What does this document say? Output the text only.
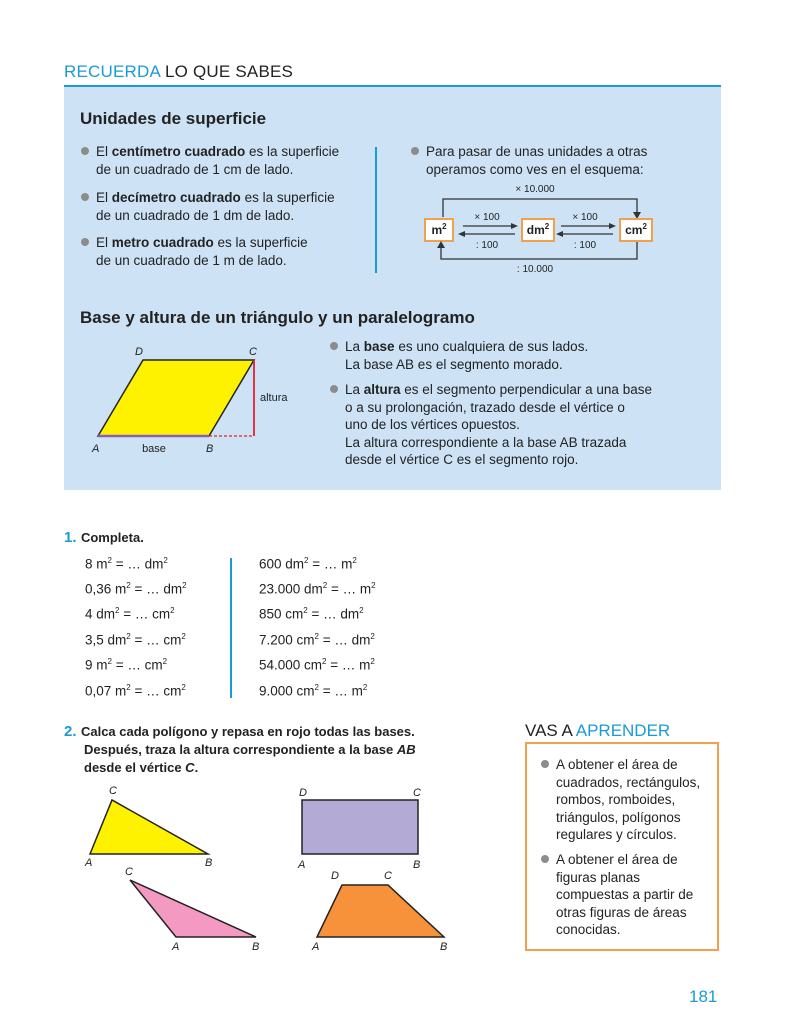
RECUERDA LO QUE SABES
Unidades de superficie
El centímetro cuadrado es la superficie
de un cuadrado de 1 cm de lado.
El decímetro cuadrado es la superficie
de un cuadrado de 1 dm de lado.
El metro cuadrado es la superficie
de un cuadrado de 1 m de lado.
Para pasar de unas unidades a otras
operamos como ves en el esquema:
× 10.000
$m^2$	$dm^2$	$cm^2$
× 100
: 100
× 100
: 100
: 10.000
Base y altura de un triángulo y un paralelogramo
D	C
A	B
base
altura
La base es uno cualquiera de sus lados.
La base AB es el segmento morado.
La altura es el segmento perpendicular a una base
o a su prolongación, trazado desde el vértice o
uno de los vértices opuestos.
La altura correspondiente a la base AB trazada
desde el vértice C es el segmento rojo.
1. Completa.
8 $m^2$ = … $dm^2$
0,36 $m^2$ = … $dm^2$
4 $dm^2$ = … $cm^2$
3,5 $dm^2$ = … $cm^2$
9 $m^2$ = … $cm^2$
0,07 $m^2$ = … $cm^2$
600 $dm^2$ = … $m^2$
23.000 $dm^2$ = … $m^2$
850 $cm^2$ = … $dm^2$
7.200 $cm^2$ = … $dm^2$
54.000 $cm^2$ = … $m^2$
9.000 $cm^2$ = … $m^2$
2. Calca cada polígono y repasa en rojo todas las bases.
Después, traza la altura correspondiente a la base AB
desde el vértice C.
C
A	B
C
A	B
D	C
A	B
D	C
A	B
VAS A APRENDER
A obtener el área de
cuadrados, rectángulos,
rombos, romboides,
triángulos, polígonos
regulares y círculos.
A obtener el área de
figuras planas
compuestas a partir de
otras figuras de áreas
conocidas.
181
